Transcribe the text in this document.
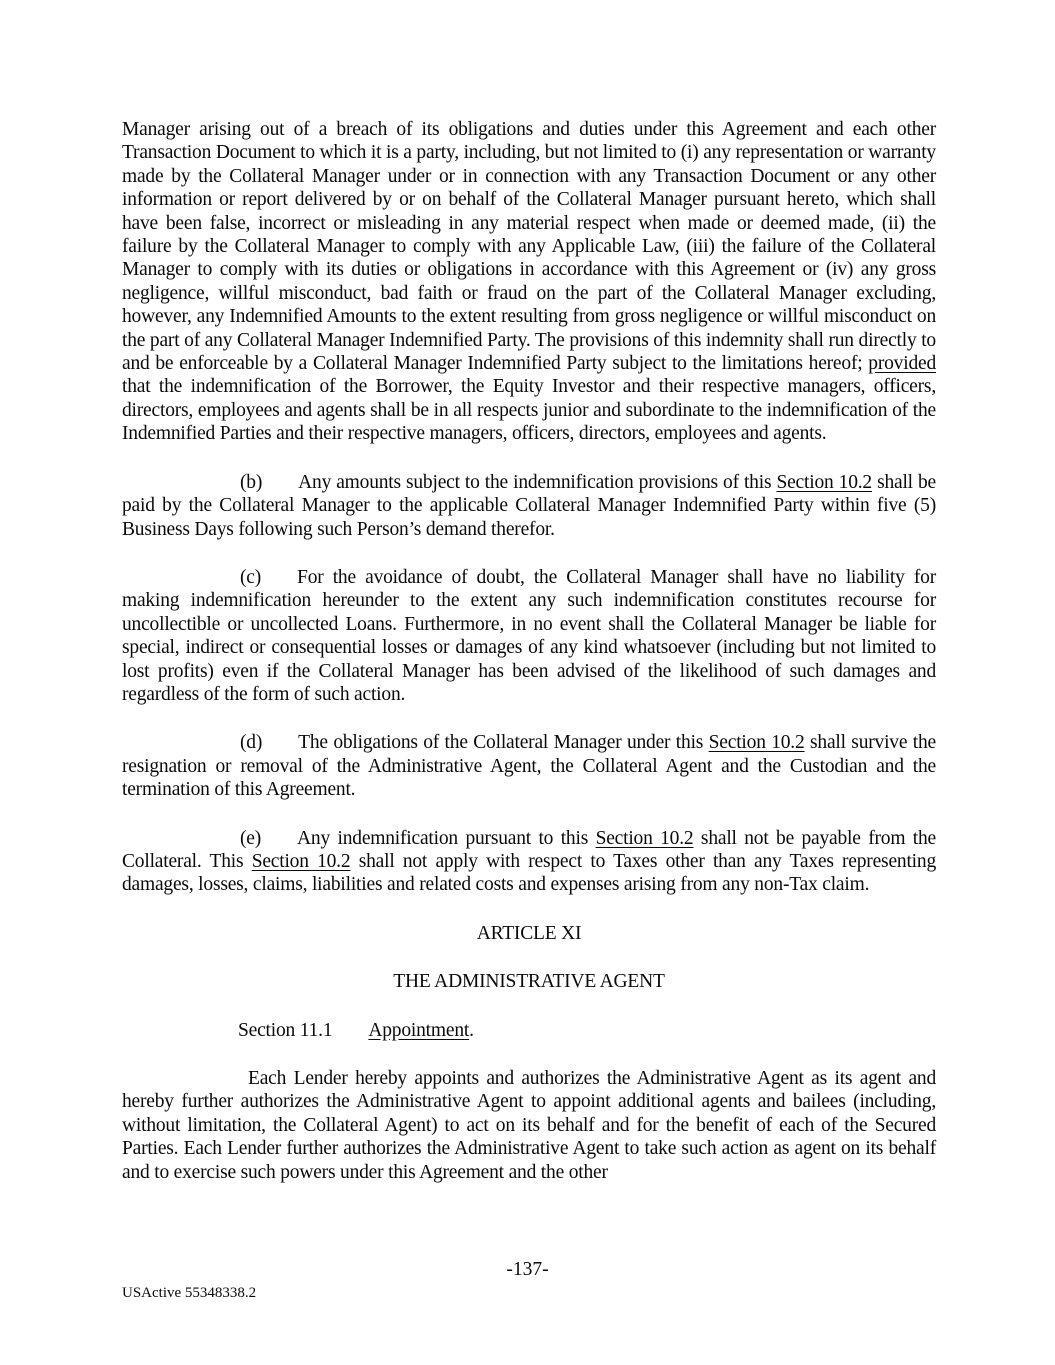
Manager arising out of a breach of its obligations and duties under this Agreement and each other Transaction Document to which it is a party, including, but not limited to (i) any representation or warranty made by the Collateral Manager under or in connection with any Transaction Document or any other information or report delivered by or on behalf of the Collateral Manager pursuant hereto, which shall have been false, incorrect or misleading in any material respect when made or deemed made, (ii) the failure by the Collateral Manager to comply with any Applicable Law, (iii) the failure of the Collateral Manager to comply with its duties or obligations in accordance with this Agreement or (iv) any gross negligence, willful misconduct, bad faith or fraud on the part of the Collateral Manager excluding, however, any Indemnified Amounts to the extent resulting from gross negligence or willful misconduct on the part of any Collateral Manager Indemnified Party. The provisions of this indemnity shall run directly to and be enforceable by a Collateral Manager Indemnified Party subject to the limitations hereof; provided that the indemnification of the Borrower, the Equity Investor and their respective managers, officers, directors, employees and agents shall be in all respects junior and subordinate to the indemnification of the Indemnified Parties and their respective managers, officers, directors, employees and agents.

(b) Any amounts subject to the indemnification provisions of this Section 10.2 shall be paid by the Collateral Manager to the applicable Collateral Manager Indemnified Party within five (5) Business Days following such Person’s demand therefor.

(c) For the avoidance of doubt, the Collateral Manager shall have no liability for making indemnification hereunder to the extent any such indemnification constitutes recourse for uncollectible or uncollected Loans. Furthermore, in no event shall the Collateral Manager be liable for special, indirect or consequential losses or damages of any kind whatsoever (including but not limited to lost profits) even if the Collateral Manager has been advised of the likelihood of such damages and regardless of the form of such action.

(d) The obligations of the Collateral Manager under this Section 10.2 shall survive the resignation or removal of the Administrative Agent, the Collateral Agent and the Custodian and the termination of this Agreement.

(e) Any indemnification pursuant to this Section 10.2 shall not be payable from the Collateral. This Section 10.2 shall not apply with respect to Taxes other than any Taxes representing damages, losses, claims, liabilities and related costs and expenses arising from any non-Tax claim.

ARTICLE XI

THE ADMINISTRATIVE AGENT

Section 11.1 Appointment.

Each Lender hereby appoints and authorizes the Administrative Agent as its agent and hereby further authorizes the Administrative Agent to appoint additional agents and bailees (including, without limitation, the Collateral Agent) to act on its behalf and for the benefit of each of the Secured Parties. Each Lender further authorizes the Administrative Agent to take such action as agent on its behalf and to exercise such powers under this Agreement and the other

-137-
USActive 55348338.2
